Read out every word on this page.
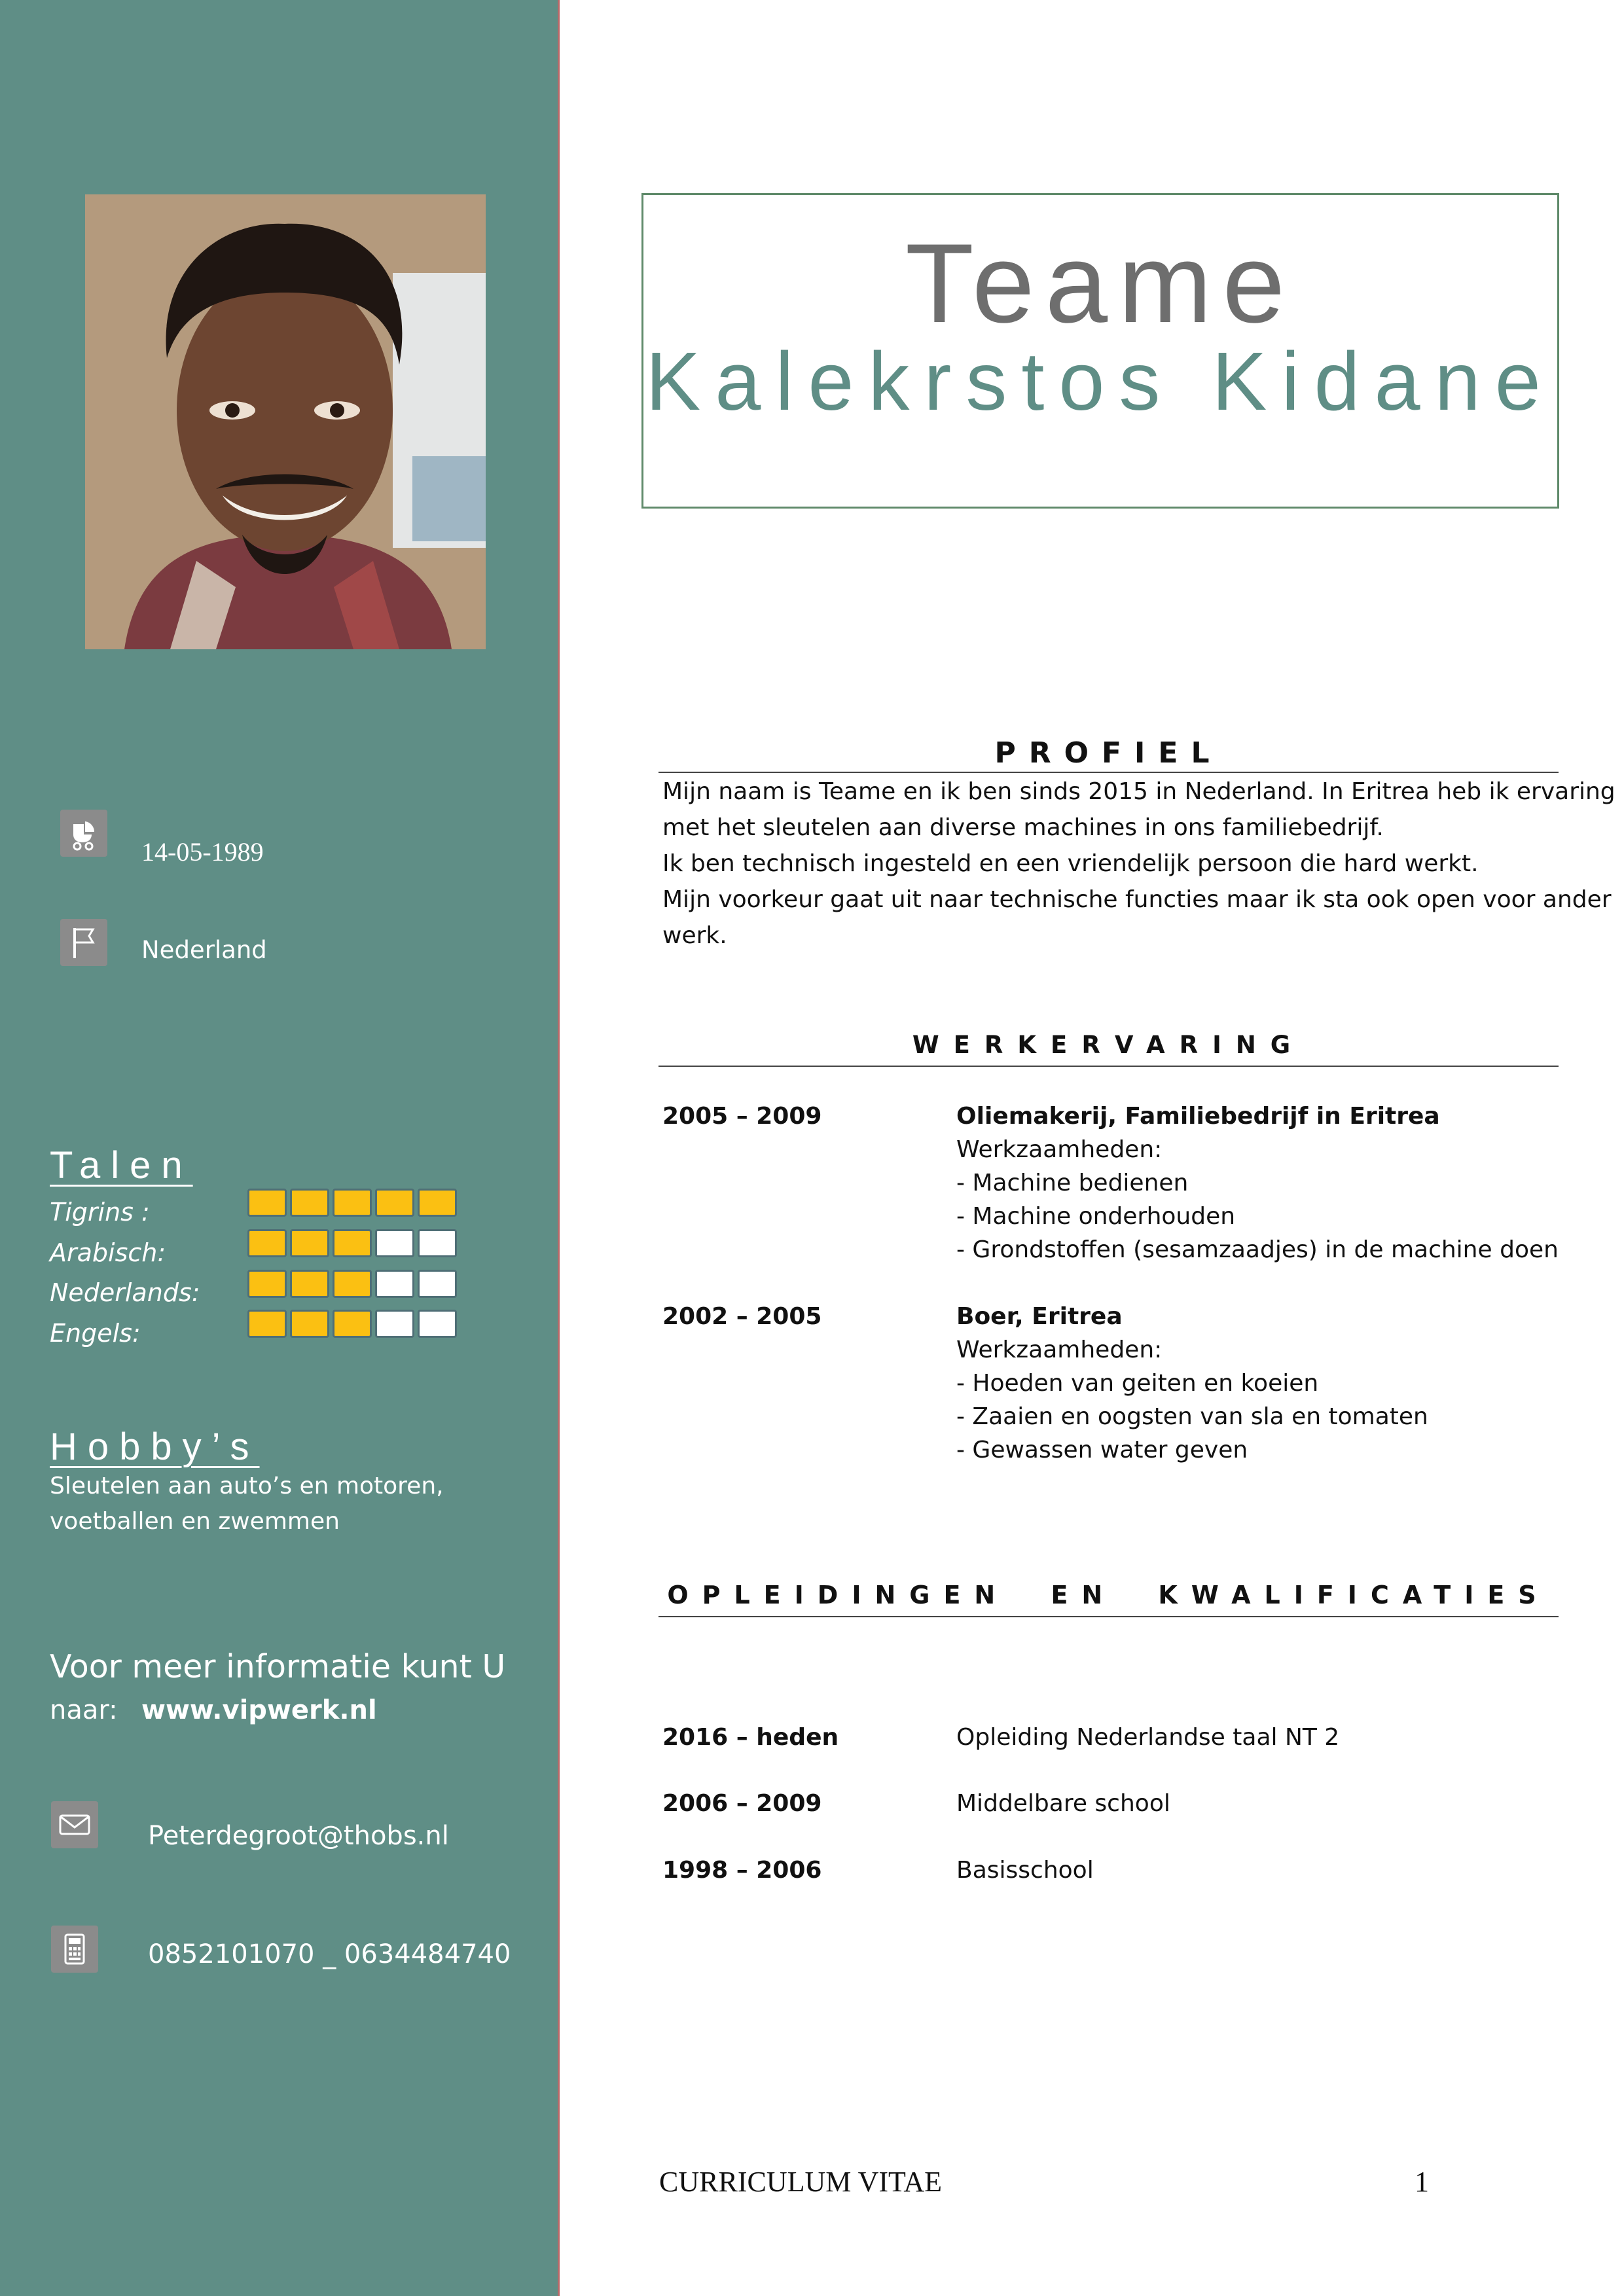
14-05-1989
Nederland
Talen
Tigrins :
Arabisch:
Nederlands:
Engels:
Hobby’s
Sleutelen aan auto’s en motoren,
voetballen en zwemmen
Voor meer informatie kunt U
naar: www.vipwerk.nl
Peterdegroot@thobs.nl
0852101070 _ 0634484740
Teame
Kalekrstos Kidane
PROFIEL
Mijn naam is Teame en ik ben sinds 2015 in Nederland. In Eritrea heb ik ervaring
met het sleutelen aan diverse machines in ons familiebedrijf.
Ik ben technisch ingesteld en een vriendelijk persoon die hard werkt.
Mijn voorkeur gaat uit naar technische functies maar ik sta ook open voor ander
werk.
WERKERVARING
2005 – 2009	Oliemakerij, Familiebedrijf in Eritrea
Werkzaamheden:
- Machine bedienen
- Machine onderhouden
- Grondstoffen (sesamzaadjes) in de machine doen
2002 – 2005	Boer, Eritrea
Werkzaamheden:
- Hoeden van geiten en koeien
- Zaaien en oogsten van sla en tomaten
- Gewassen water geven
OPLEIDINGEN EN KWALIFICATIES
2016 – heden	Opleiding Nederlandse taal NT 2
2006 – 2009	Middelbare school
1998 – 2006	Basisschool
CURRICULUM VITAE	1
